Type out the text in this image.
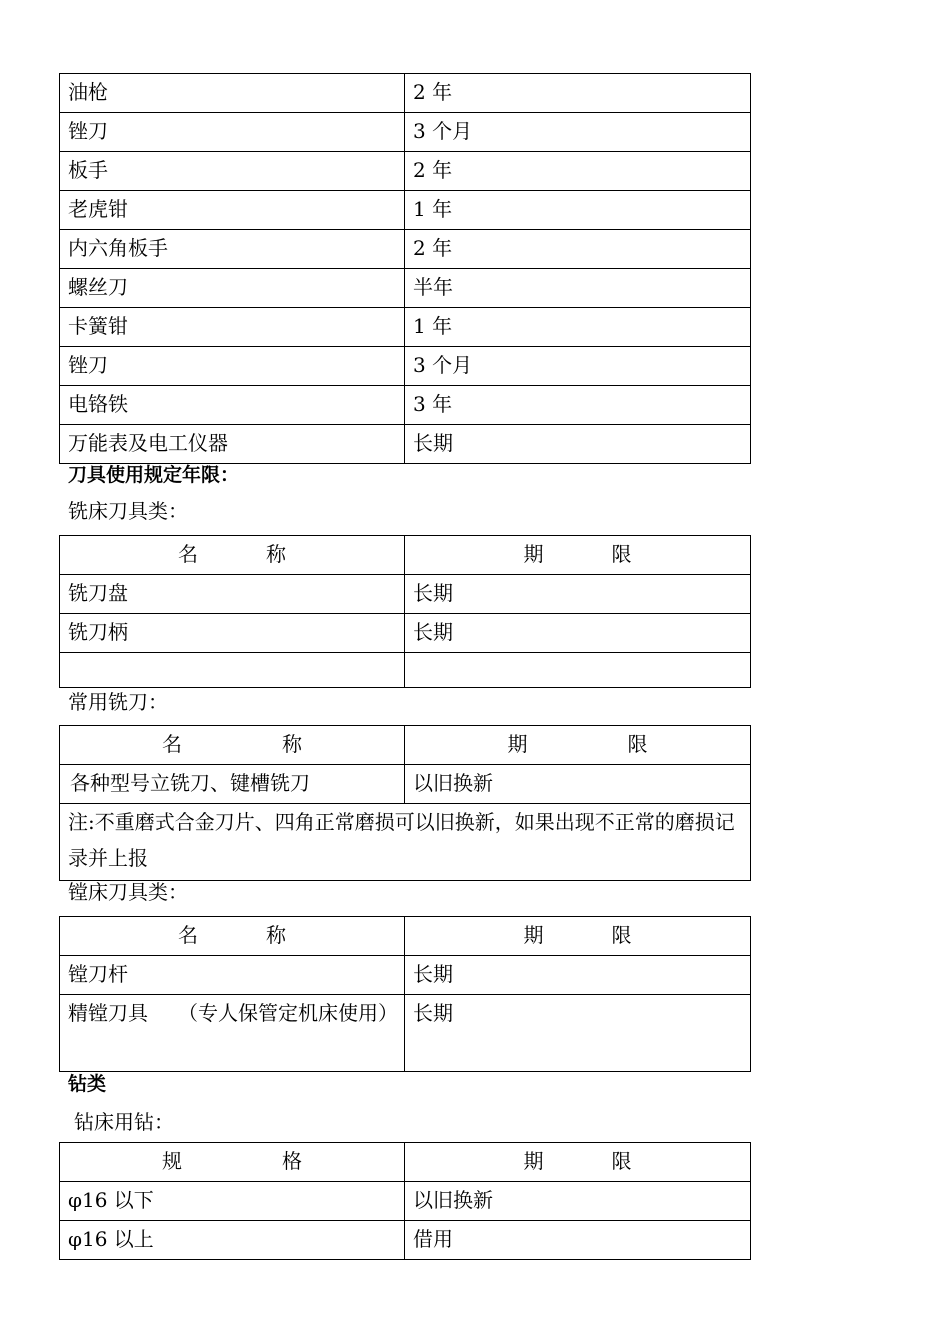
油枪	2 年
锉刀	3 个月
板手	2 年
老虎钳	1 年
内六角板手	2 年
螺丝刀	半年
卡簧钳	1 年
锉刀	3 个月
电铬铁	3 年
万能表及电工仪器	长期
刀具使用规定年限：
铣床刀具类：
名 称	期 限
铣刀盘	长期
铣刀柄	长期

常用铣刀：
名 称	期 限
 各种型号立铣刀、键槽铣刀	以旧换新
注:不重磨式合金刀片、四角正常磨损可以旧换新，如果出现不正常的磨损记录并上报	
镗床刀具类：
名 称	期 限
镗刀杆	长期
精镗刀具　　（专人保管定机床使用）	长期
钻类
钻床用钻：
规 格	期 限
φ16 以下	以旧换新
φ16 以上	借用
